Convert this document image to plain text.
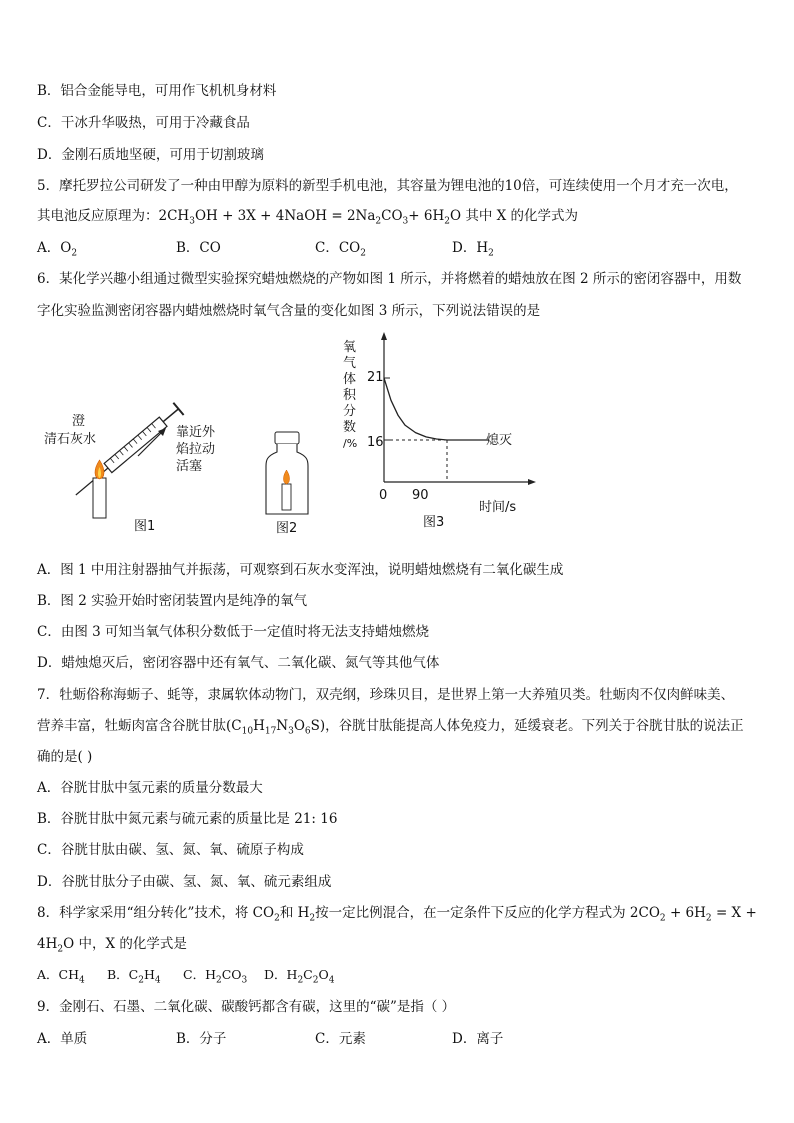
B．铝合金能导电，可用作飞机机身材料
C．干冰升华吸热，可用于冷藏食品
D．金刚石质地坚硬，可用于切割玻璃
5．摩托罗拉公司研发了一种由甲醇为原料的新型手机电池，其容量为锂电池的10倍，可连续使用一个月才充一次电，
其电池反应原理为：$2CH_3OH + 3X$ + 4NaOH = $2Na_2CO_3+ 6H_2O$ 其中 X 的化学式为
A．$O_2$	B．CO	C．$CO_2$	D．$H_2$
6．某化学兴趣小组通过微型实验探究蜡烛燃烧的产物如图 1 所示，并将燃着的蜡烛放在图 2 所示的密闭容器中，用数
字化实验监测密闭容器内蜡烛燃烧时氧气含量的变化如图 3 所示，下列说法错误的是
澄
清石灰水	靠近外
焰拉动
活塞
图1	图2
氧
气
体
积
分
数
/%
21
16
0 90
时间/s
熄灭
图3
A．图 1 中用注射器抽气并振荡，可观察到石灰水变浑浊，说明蜡烛燃烧有二氧化碳生成
B．图 2 实验开始时密闭装置内是纯净的氧气
C．由图 3 可知当氧气体积分数低于一定值时将无法支持蜡烛燃烧
D．蜡烛熄灭后，密闭容器中还有氧气、二氧化碳、氮气等其他气体
7．牡蛎俗称海蛎子、蚝等，隶属软体动物门，双壳纲，珍珠贝目，是世界上第一大养殖贝类。牡蛎肉不仅肉鲜味美、
营养丰富，牡蛎肉富含谷胱甘肽$(C_{10}H_{17}N_3O_6S)$，谷胱甘肽能提高人体免疫力，延缓衰老。下列关于谷胱甘肽的说法正
确的是( )
A．谷胱甘肽中氢元素的质量分数最大
B．谷胱甘肽中氮元素与硫元素的质量比是 21: 16
C．谷胱甘肽由碳、氢、氮、氧、硫原子构成
D．谷胱甘肽分子由碳、氢、氮、氧、硫元素组成
8．科学家采用“组分转化”技术，将 $CO_2$和 $H_2$按一定比例混合，在一定条件下反应的化学方程式为 $2CO_2 + 6H_2 = X$ +
$4H_2O$ 中，X 的化学式是
A．$CH_4$ B．$C_2H_4$ C．$H_2CO_3$ D．$H_2C_2O_4$
9．金刚石、石墨、二氧化碳、碳酸钙都含有碳，这里的“碳”是指（ ）
A．单质	B．分子	C．元素	D．离子
